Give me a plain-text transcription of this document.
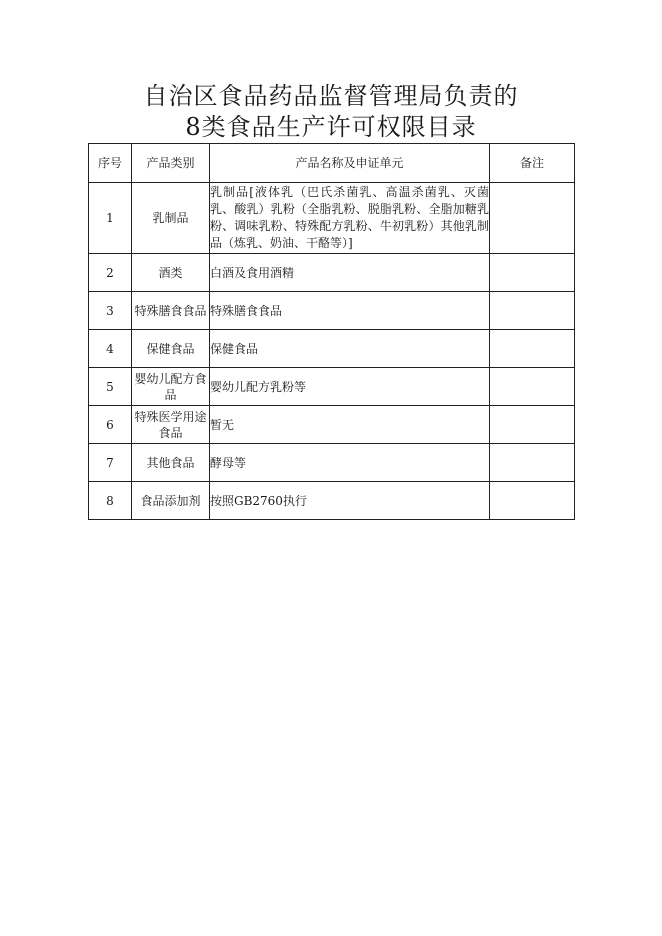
自治区食品药品监督管理局负责的
8类食品生产许可权限目录
序号	产品类别	产品名称及申证单元	备注
1	乳制品	乳制品[液体乳（巴氏杀菌乳、高温杀菌乳、灭菌乳、酸乳）乳粉（全脂乳粉、脱脂乳粉、全脂加糖乳粉、调味乳粉、特殊配方乳粉、牛初乳粉）其他乳制品（炼乳、奶油、干酪等）]	
2	酒类	白酒及食用酒精	
3	特殊膳食食品	特殊膳食食品	
4	保健食品	保健食品	
5	婴幼儿配方食品	婴幼儿配方乳粉等	
6	特殊医学用途食品	暂无	
7	其他食品	酵母等	
8	食品添加剂	按照GB2760执行	
